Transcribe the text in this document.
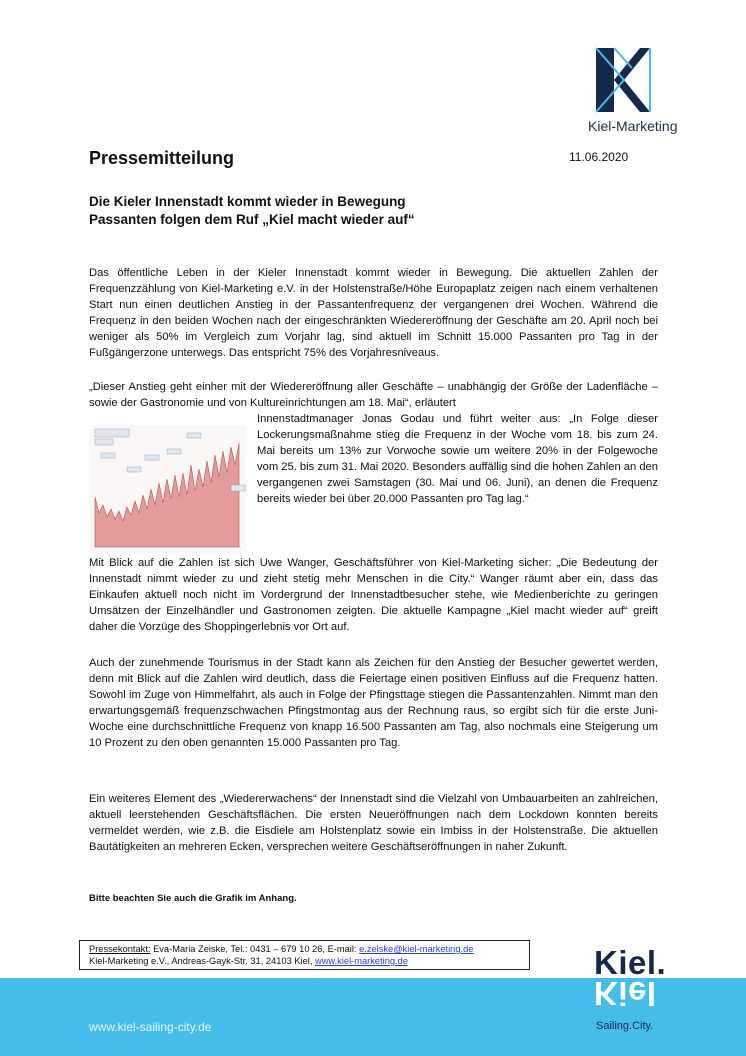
Kiel-Marketing
Pressemitteilung	11.06.2020
Die Kieler Innenstadt kommt wieder in Bewegung
Passanten folgen dem Ruf „Kiel macht wieder auf“
Das öffentliche Leben in der Kieler Innenstadt kommt wieder in Bewegung. Die aktuellen Zahlen der Frequenzzählung von Kiel-Marketing e.V. in der Holstenstraße/Höhe Europaplatz zeigen nach einem verhaltenen Start nun einen deutlichen Anstieg in der Passantenfrequenz der vergangenen drei Wochen. Während die Frequenz in den beiden Wochen nach der eingeschränkten Wiedereröffnung der Geschäfte am 20. April noch bei weniger als 50% im Vergleich zum Vorjahr lag, sind aktuell im Schnitt 15.000 Passanten pro Tag in der Fußgängerzone unterwegs. Das entspricht 75% des Vorjahresniveaus.
„Dieser Anstieg geht einher mit der Wiedereröffnung aller Geschäfte – unabhängig der Größe der Ladenfläche – sowie der Gastronomie und von Kultureinrichtungen am 18. Mai“, erläutert
Innenstadtmanager Jonas Godau und führt weiter aus: „In Folge dieser Lockerungsmaßnahme stieg die Frequenz in der Woche vom 18. bis zum 24. Mai bereits um 13% zur Vorwoche sowie um weitere 20% in der Folgewoche vom 25. bis zum 31. Mai 2020. Besonders auffällig sind die hohen Zahlen an den vergangenen zwei Samstagen (30. Mai und 06. Juni), an denen die Frequenz bereits wieder bei über 20.000 Passanten pro Tag lag.“
Mit Blick auf die Zahlen ist sich Uwe Wanger, Geschäftsführer von Kiel-Marketing sicher: „Die Bedeutung der Innenstadt nimmt wieder zu und zieht stetig mehr Menschen in die City.“ Wanger räumt aber ein, dass das Einkaufen aktuell noch nicht im Vordergrund der Innenstadtbesucher stehe, wie Medienberichte zu geringen Umsätzen der Einzelhändler und Gastronomen zeigten. Die aktuelle Kampagne „Kiel macht wieder auf“ greift daher die Vorzüge des Shoppingerlebnis vor Ort auf.
Auch der zunehmende Tourismus in der Stadt kann als Zeichen für den Anstieg der Besucher gewertet werden, denn mit Blick auf die Zahlen wird deutlich, dass die Feiertage einen positiven Einfluss auf die Frequenz hatten. Sowohl im Zuge von Himmelfahrt, als auch in Folge der Pfingsttage stiegen die Passantenzahlen. Nimmt man den erwartungsgemäß frequenzschwachen Pfingstmontag aus der Rechnung raus, so ergibt sich für die erste Juni-Woche eine durchschnittliche Frequenz von knapp 16.500 Passanten am Tag, also nochmals eine Steigerung um 10 Prozent zu den oben genannten 15.000 Passanten pro Tag.
Ein weiteres Element des „Wiedererwachens“ der Innenstadt sind die Vielzahl von Umbauarbeiten an zahlreichen, aktuell leerstehenden Geschäftsflächen. Die ersten Neueröffnungen nach dem Lockdown konnten bereits vermeldet werden, wie z.B. die Eisdiele am Holstenplatz sowie ein Imbiss in der Holstenstraße. Die aktuellen Bautätigkeiten an mehreren Ecken, versprechen weitere Geschäftseröffnungen in naher Zukunft.
Bitte beachten Sie auch die Grafik im Anhang.
Pressekontakt: Eva-Maria Zeiske, Tel.: 0431 – 679 10 26, E-mail: e.zelske@kiel-marketing.de
Kiel-Marketing e.V., Andreas-Gayk-Str. 31, 24103 Kiel, www.kiel-marketing.de
www.kiel-sailing-city.de
Kiel.
Kiel
Sailing.City.
